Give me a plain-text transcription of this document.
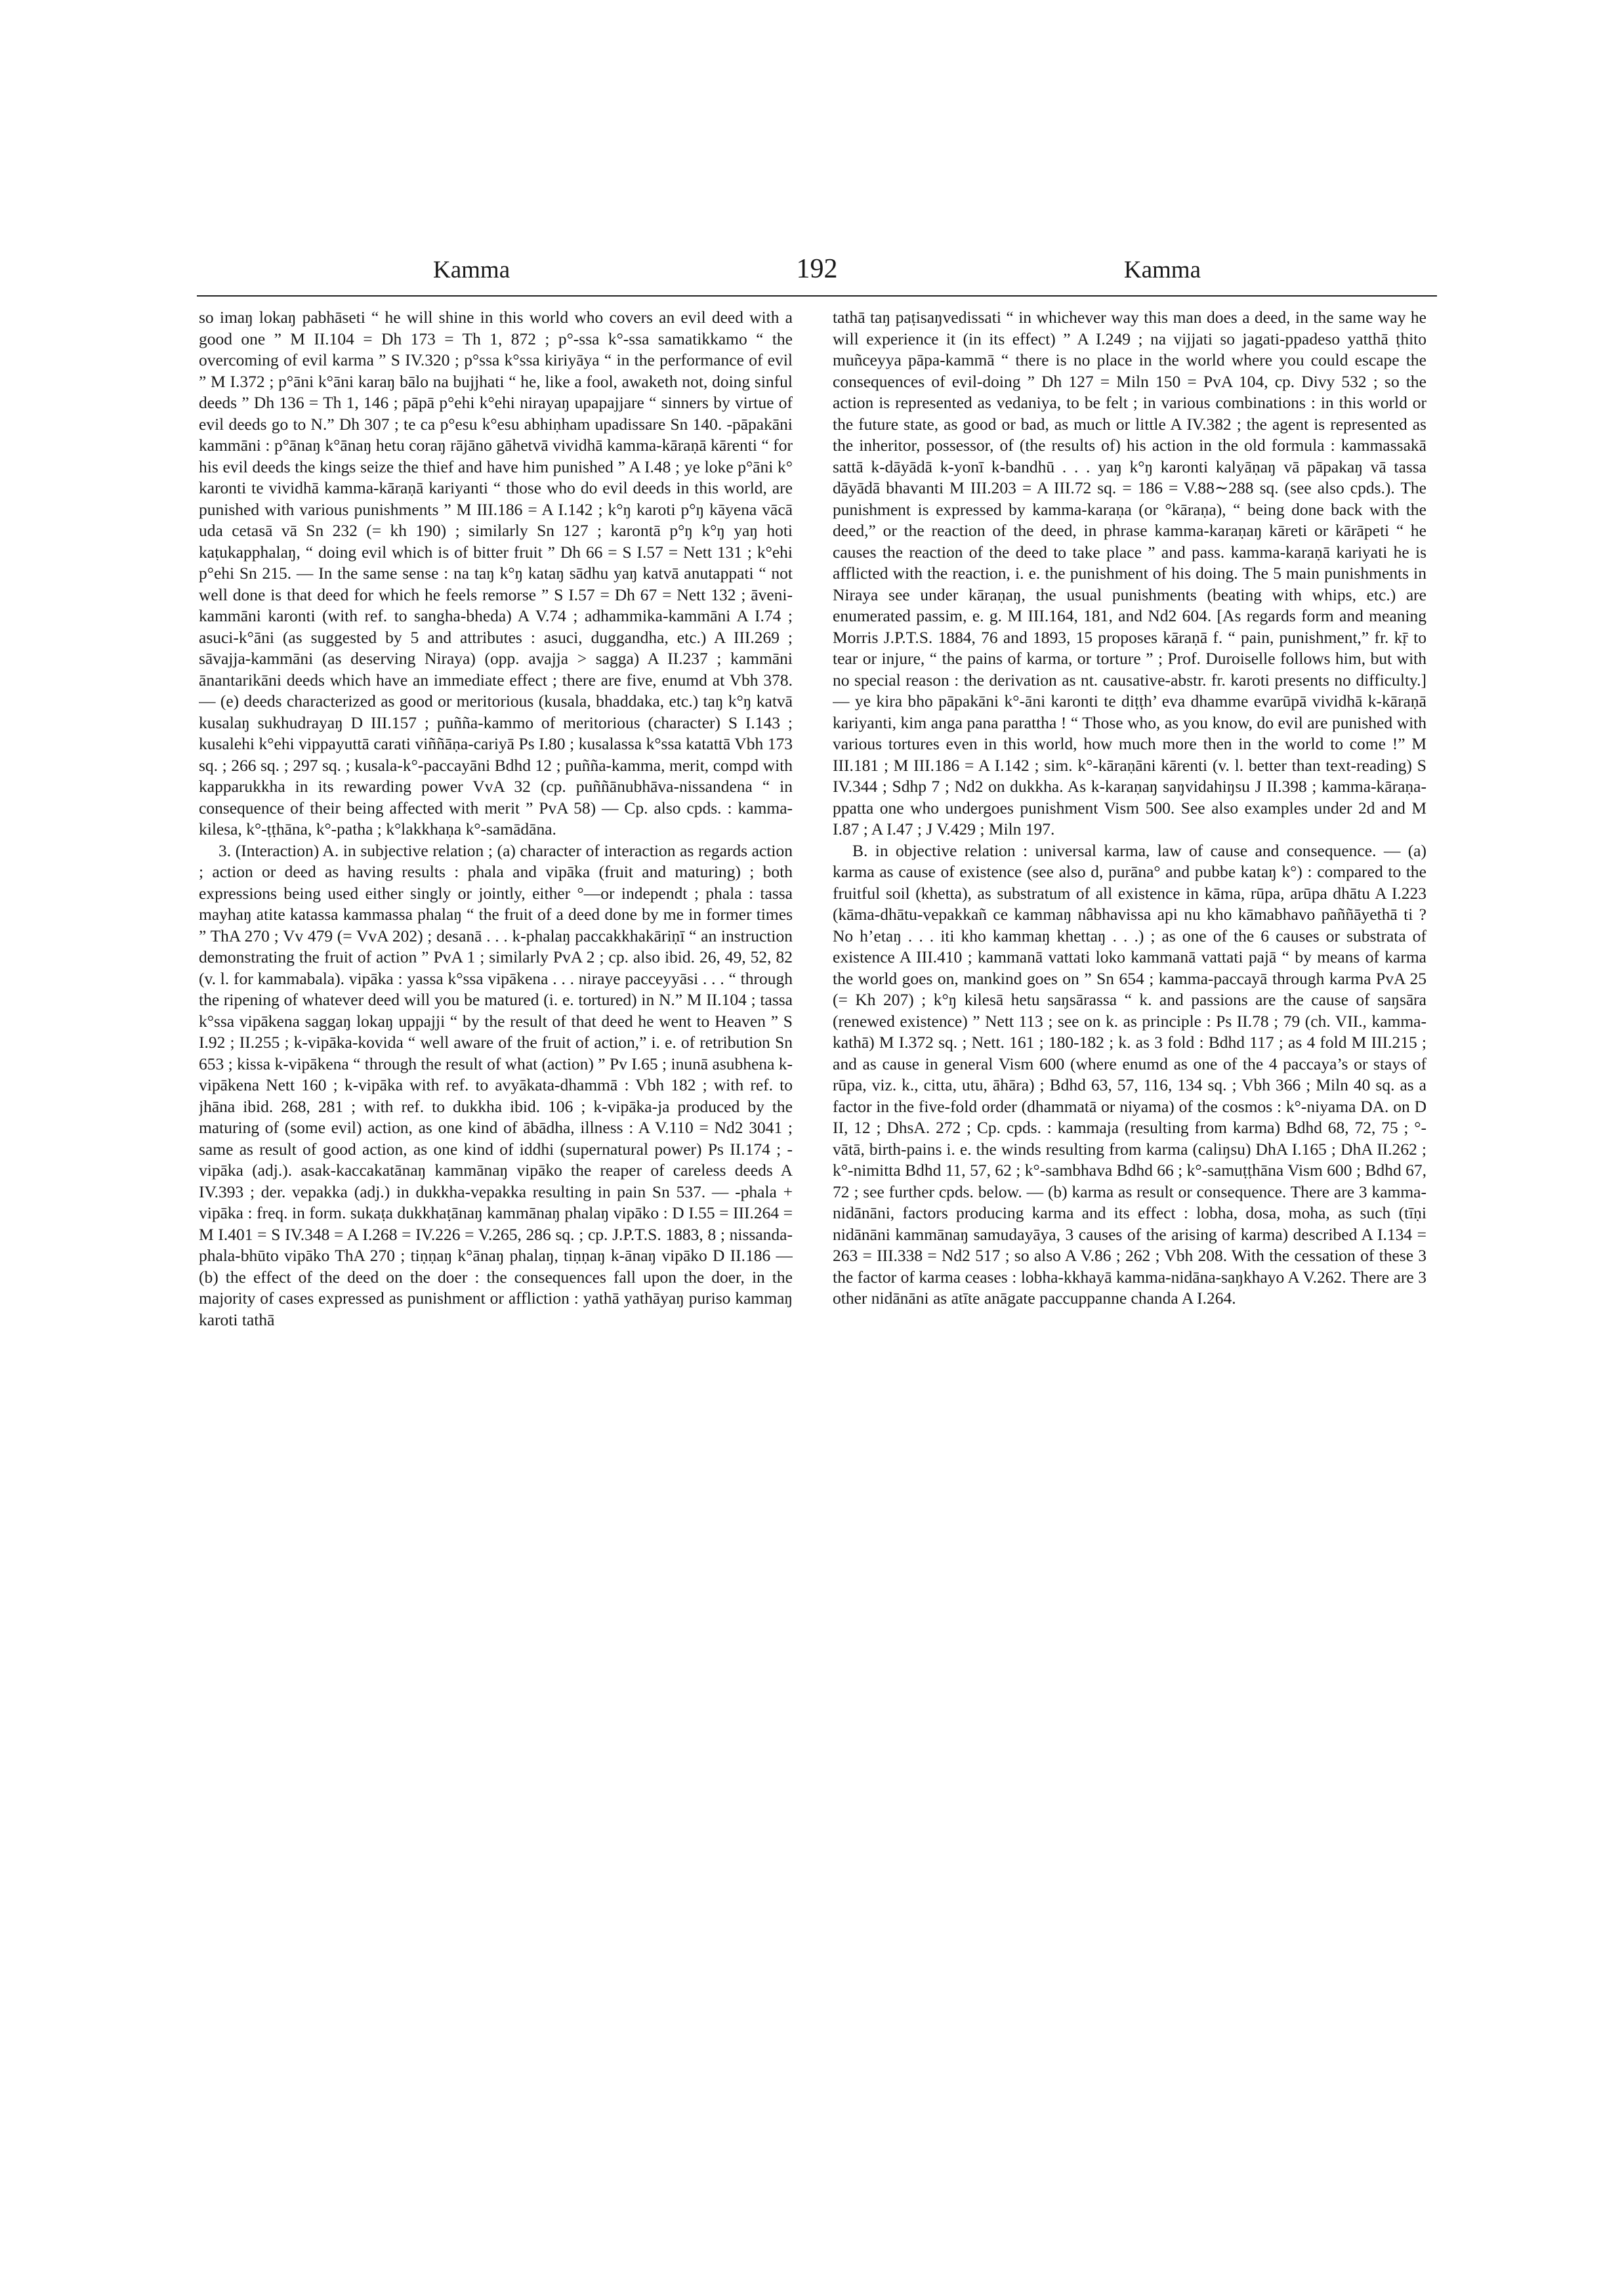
Kamma	192	Kamma

so imaŋ lokaŋ pabhāseti “ he will shine in this world who covers an evil deed with a good one ” M II.104 = Dh 173 = Th 1, 872 ; p°-ssa k°-ssa samatikkamo “ the overcoming of evil karma ” S IV.320 ; p°ssa k°ssa kiriyāya “ in the performance of evil ” M I.372 ; p°āni k°āni karaŋ bālo na bujjhati “ he, like a fool, awaketh not, doing sinful deeds ” Dh 136 = Th 1, 146 ; pāpā p°ehi k°ehi nirayaŋ upapajjare “ sinners by virtue of evil deeds go to N.” Dh 307 ; te ca p°esu k°esu abhiṇham upadissare Sn 140. -pāpakāni kammāni : p°ānaŋ k°ānaŋ hetu coraŋ rājāno gāhetvā vividhā kamma-kāraṇā kārenti “ for his evil deeds the kings seize the thief and have him punished ” A I.48 ; ye loke p°āni k° karonti te vividhā kamma-kāraṇā kariyanti “ those who do evil deeds in this world, are punished with various punishments ” M III.186 = A I.142 ; k°ŋ karoti p°ŋ kāyena vācā uda cetasā vā Sn 232 (= kh 190) ; similarly Sn 127 ; karontā p°ŋ k°ŋ yaŋ hoti kaṭukapphalaŋ, “ doing evil which is of bitter fruit ” Dh 66 = S I.57 = Nett 131 ; k°ehi p°ehi Sn 215. — In the same sense : na taŋ k°ŋ kataŋ sādhu yaŋ katvā anutappati “ not well done is that deed for which he feels remorse ” S I.57 = Dh 67 = Nett 132 ; āveni-kammāni karonti (with ref. to sangha-bheda) A V.74 ; adhammika-kammāni A I.74 ; asuci-k°āni (as suggested by 5 and attributes : asuci, duggandha, etc.) A III.269 ; sāvajja-kammāni (as deserving Niraya) (opp. avajja > sagga) A II.237 ; kammāni ānantarikāni deeds which have an immediate effect ; there are five, enumd at Vbh 378. — (e) deeds characterized as good or meritorious (kusala, bhaddaka, etc.) taŋ k°ŋ katvā kusalaŋ sukhudrayaŋ D III.157 ; puñña-kammo of meritorious (character) S I.143 ; kusalehi k°ehi vippayuttā carati viññāṇa-cariyā Ps I.80 ; kusalassa k°ssa katattā Vbh 173 sq. ; 266 sq. ; 297 sq. ; kusala-k°-paccayāni Bdhd 12 ; puñña-kamma, merit, compd with kapparukkha in its rewarding power VvA 32 (cp. puññānubhāva-nissandena “ in consequence of their being affected with merit ” PvA 58) — Cp. also cpds. : kamma-kilesa, k°-ṭṭhāna, k°-patha ; k°lakkhaṇa k°-samādāna.

3. (Interaction) A. in subjective relation ; (a) character of interaction as regards action ; action or deed as having results : phala and vipāka (fruit and maturing) ; both expressions being used either singly or jointly, either °—or independt ; phala : tassa mayhaŋ atite katassa kammassa phalaŋ “ the fruit of a deed done by me in former times ” ThA 270 ; Vv 479 (= VvA 202) ; desanā . . . k-phalaŋ paccakkhakāriṇī “ an instruction demonstrating the fruit of action ” PvA 1 ; similarly PvA 2 ; cp. also ibid. 26, 49, 52, 82 (v. l. for kammabala). vipāka : yassa k°ssa vipākena . . . niraye pacceyyāsi . . . “ through the ripening of whatever deed will you be matured (i. e. tortured) in N.” M II.104 ; tassa k°ssa vipākena saggaŋ lokaŋ uppajji “ by the result of that deed he went to Heaven ” S I.92 ; II.255 ; k-vipāka-kovida “ well aware of the fruit of action,” i. e. of retribution Sn 653 ; kissa k-vipākena “ through the result of what (action) ” Pv I.65 ; inunā asubhena k-vipākena Nett 160 ; k-vipāka with ref. to avyākata-dhammā : Vbh 182 ; with ref. to jhāna ibid. 268, 281 ; with ref. to dukkha ibid. 106 ; k-vipāka-ja produced by the maturing of (some evil) action, as one kind of ābādha, illness : A V.110 = Nd2 3041 ; same as result of good action, as one kind of iddhi (supernatural power) Ps II.174 ; -vipāka (adj.). asak-kaccakatānaŋ kammānaŋ vipāko the reaper of careless deeds A IV.393 ; der. vepakka (adj.) in dukkha-vepakka resulting in pain Sn 537. — -phala + vipāka : freq. in form. sukaṭa dukkhaṭānaŋ kammānaŋ phalaŋ vipāko : D I.55 = III.264 = M I.401 = S IV.348 = A I.268 = IV.226 = V.265, 286 sq. ; cp. J.P.T.S. 1883, 8 ; nissanda-phala-bhūto vipāko ThA 270 ; tiṇṇaŋ k°ānaŋ phalaŋ, tiṇṇaŋ k-ānaŋ vipāko D II.186 — (b) the effect of the deed on the doer : the consequences fall upon the doer, in the majority of cases expressed as punishment or affliction : yathā yathāyaŋ puriso kammaŋ karoti tathā

tathā taŋ paṭisaŋvedissati “ in whichever way this man does a deed, in the same way he will experience it (in its effect) ” A I.249 ; na vijjati so jagati-ppadeso yatthā ṭhito muñceyya pāpa-kammā “ there is no place in the world where you could escape the consequences of evil-doing ” Dh 127 = Miln 150 = PvA 104, cp. Divy 532 ; so the action is represented as vedaniya, to be felt ; in various combinations : in this world or the future state, as good or bad, as much or little A IV.382 ; the agent is represented as the inheritor, possessor, of (the results of) his action in the old formula : kammassakā sattā k-dāyādā k-yonī k-bandhū . . . yaŋ k°ŋ karonti kalyāṇaŋ vā pāpakaŋ vā tassa dāyādā bhavanti M III.203 = A III.72 sq. = 186 = V.88∼288 sq. (see also cpds.). The punishment is expressed by kamma-karaṇa (or °kāraṇa), “ being done back with the deed,” or the reaction of the deed, in phrase kamma-karaṇaŋ kāreti or kārāpeti “ he causes the reaction of the deed to take place ” and pass. kamma-karaṇā kariyati he is afflicted with the reaction, i. e. the punishment of his doing. The 5 main punishments in Niraya see under kāraṇaŋ, the usual punishments (beating with whips, etc.) are enumerated passim, e. g. M III.164, 181, and Nd2 604. [As regards form and meaning Morris J.P.T.S. 1884, 76 and 1893, 15 proposes kāraṇā f. “ pain, punishment,” fr. kṝ to tear or injure, “ the pains of karma, or torture ” ; Prof. Duroiselle follows him, but with no special reason : the derivation as nt. causative-abstr. fr. karoti presents no difficulty.] — ye kira bho pāpakāni k°-āni karonti te diṭṭh’ eva dhamme evarūpā vividhā k-kāraṇā kariyanti, kim anga pana parattha ! “ Those who, as you know, do evil are punished with various tortures even in this world, how much more then in the world to come !” M III.181 ; M III.186 = A I.142 ; sim. k°-kāraṇāni kārenti (v. l. better than text-reading) S IV.344 ; Sdhp 7 ; Nd2 on dukkha. As k-karaṇaŋ saŋvidahiŋsu J II.398 ; kamma-kāraṇa-ppatta one who undergoes punishment Vism 500. See also examples under 2d and M I.87 ; A I.47 ; J V.429 ; Miln 197.

B. in objective relation : universal karma, law of cause and consequence. — (a) karma as cause of existence (see also d, purāna° and pubbe kataŋ k°) : compared to the fruitful soil (khetta), as substratum of all existence in kāma, rūpa, arūpa dhātu A I.223 (kāma-dhātu-vepakkañ ce kammaŋ nâbhavissa api nu kho kāmabhavo paññāyethā ti ? No h’etaŋ . . . iti kho kammaŋ khettaŋ . . .) ; as one of the 6 causes or substrata of existence A III.410 ; kammanā vattati loko kammanā vattati pajā “ by means of karma the world goes on, mankind goes on ” Sn 654 ; kamma-paccayā through karma PvA 25 (= Kh 207) ; k°ŋ kilesā hetu saŋsārassa “ k. and passions are the cause of saŋsāra (renewed existence) ” Nett 113 ; see on k. as principle : Ps II.78 ; 79 (ch. VII., kamma-kathā) M I.372 sq. ; Nett. 161 ; 180-182 ; k. as 3 fold : Bdhd 117 ; as 4 fold M III.215 ; and as cause in general Vism 600 (where enumd as one of the 4 paccaya’s or stays of rūpa, viz. k., citta, utu, āhāra) ; Bdhd 63, 57, 116, 134 sq. ; Vbh 366 ; Miln 40 sq. as a factor in the five-fold order (dhammatā or niyama) of the cosmos : k°-niyama DA. on D II, 12 ; DhsA. 272 ; Cp. cpds. : kammaja (resulting from karma) Bdhd 68, 72, 75 ; °-vātā, birth-pains i. e. the winds resulting from karma (caliŋsu) DhA I.165 ; DhA II.262 ; k°-nimitta Bdhd 11, 57, 62 ; k°-sambhava Bdhd 66 ; k°-samuṭṭhāna Vism 600 ; Bdhd 67, 72 ; see further cpds. below. — (b) karma as result or consequence. There are 3 kamma-nidānāni, factors producing karma and its effect : lobha, dosa, moha, as such (tīṇi nidānāni kammānaŋ samudayāya, 3 causes of the arising of karma) described A I.134 = 263 = III.338 = Nd2 517 ; so also A V.86 ; 262 ; Vbh 208. With the cessation of these 3 the factor of karma ceases : lobha-kkhayā kamma-nidāna-saŋkhayo A V.262. There are 3 other nidānāni as atīte anāgate paccuppanne chanda A I.264.
